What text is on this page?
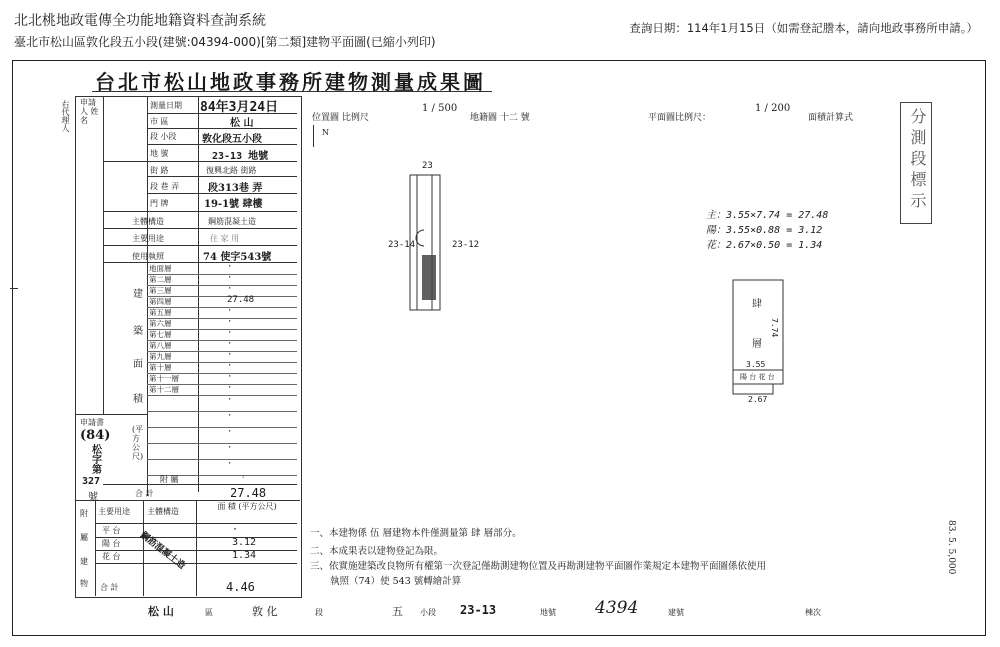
北北桃地政電傳全功能地籍資料查詢系統	查詢日期：114年1月15日（如需登記謄本，請向地政事務所申請。）
臺北市松山區敦化段五小段(建號:04394-000)[第二類]建物平面圖(已縮小列印)
台北市松山地政事務所建物測量成果圖
右代理人 申請人 姓名
測量日期 84年3月24日
市 區	松 山
段 小段	敦化段五小段
地 號	23-13 地號
街 路	復興北路 街路
段 巷 弄	段313巷 弄
門 牌	19-1號 肆樓
主體構造	鋼筋混凝土造
主要用途	住 家 用
使用執照	74 使字543號
建
築
面
積
地面層	·
第二層	·
第三層	·
第四層	27.48
第五層	·
第六層	·
第七層	·
第八層	·
第九層	·
第十層	·
第十一層	·
第十二層	·
(平方公尺)
·
·
·
·
·
申請書
(84)
松字第
327
號
附 屬	·
合 計	27.48
附
屬
建
物
主要用途 主體構造
面 積 (平方公尺)
平 台	·
陽 台	3.12
花 台	1.34
鋼筋混凝土造
合 計	4.46
位置圖 比例尺
1 / 500
地籍圖 十二 號
N
23
23-14	23-12
平面圖比例尺：
1 / 200
面積計算式	分測段標示
主：3.55×7.74 = 27.48
陽：3.55×0.88 = 3.12
花：2.67×0.50 = 1.34
肆
層
7.74
3.55
陽 台 花 台
2.67
一、本建物係 伍 層建物本件僅測量第 肆 層部分。
二、本成果表以建物登記為限。
三、依實施建築改良物所有權第一次登記僅勘測建物位置及再勘測建物平面圖作業規定本建物平面圖係依使用
執照（74）使 543 號轉繪計算
83. 5. 5,000
松 山	區	敦 化	段	五 小段 23-13	地號 4394	建號	棟次
